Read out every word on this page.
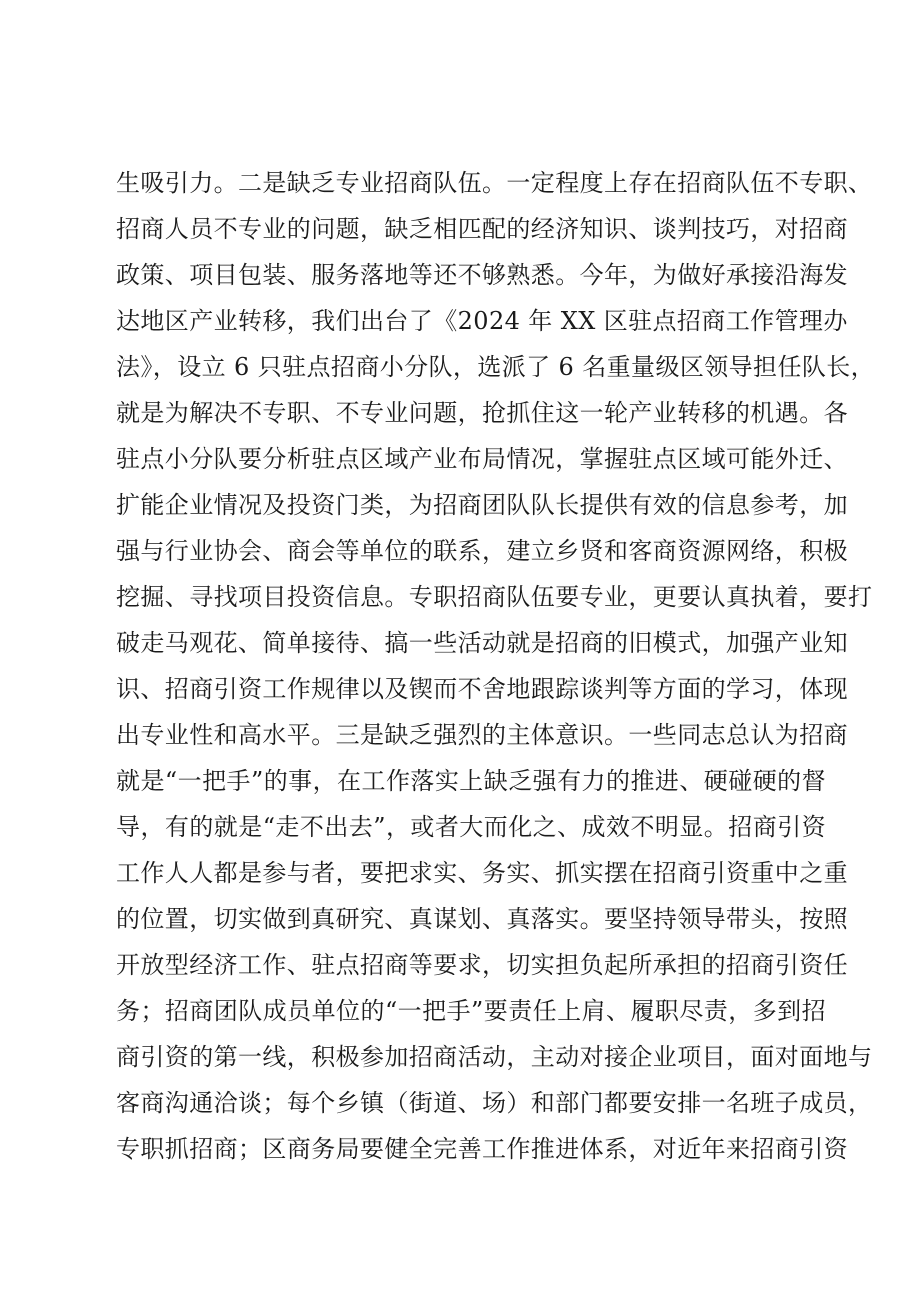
生吸引力。二是缺乏专业招商队伍。一定程度上存在招商队伍不专职、
招商人员不专业的问题，缺乏相匹配的经济知识、谈判技巧，对招商
政策、项目包装、服务落地等还不够熟悉。今年，为做好承接沿海发
达地区产业转移，我们出台了《2024 年 XX 区驻点招商工作管理办
法》，设立 6 只驻点招商小分队，选派了 6 名重量级区领导担任队长，
就是为解决不专职、不专业问题，抢抓住这一轮产业转移的机遇。各
驻点小分队要分析驻点区域产业布局情况，掌握驻点区域可能外迁、
扩能企业情况及投资门类，为招商团队队长提供有效的信息参考，加
强与行业协会、商会等单位的联系，建立乡贤和客商资源网络，积极
挖掘、寻找项目投资信息。专职招商队伍要专业，更要认真执着，要打
破走马观花、简单接待、搞一些活动就是招商的旧模式，加强产业知
识、招商引资工作规律以及锲而不舍地跟踪谈判等方面的学习，体现
出专业性和高水平。三是缺乏强烈的主体意识。一些同志总认为招商
就是“一把手”的事，在工作落实上缺乏强有力的推进、硬碰硬的督
导，有的就是“走不出去”，或者大而化之、成效不明显。招商引资
工作人人都是参与者，要把求实、务实、抓实摆在招商引资重中之重
的位置，切实做到真研究、真谋划、真落实。要坚持领导带头，按照
开放型经济工作、驻点招商等要求，切实担负起所承担的招商引资任
务；招商团队成员单位的“一把手”要责任上肩、履职尽责，多到招
商引资的第一线，积极参加招商活动，主动对接企业项目，面对面地与
客商沟通洽谈；每个乡镇（街道、场）和部门都要安排一名班子成员，
专职抓招商；区商务局要健全完善工作推进体系，对近年来招商引资
